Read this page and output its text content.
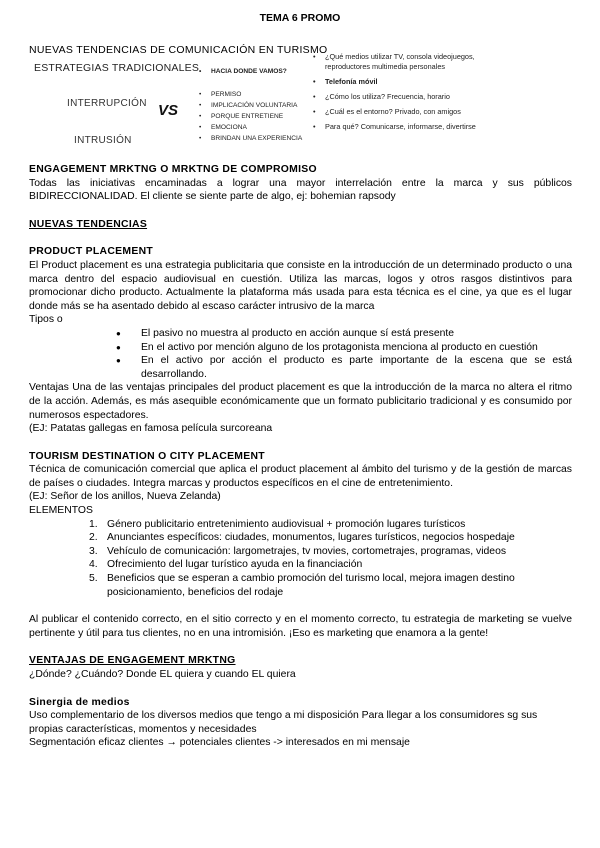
TEMA 6 PROMO
NUEVAS TENDENCIAS DE COMUNICACIÓN EN TURISMO
ESTRATEGIAS TRADICIONALES
INTERRUPCIÓN
INTRUSIÓN
VS
• HACIA DONDE VAMOS?
• PERMISO
• IMPLICACIÓN VOLUNTARIA
• PORQUE ENTRETIENE
• EMOCIONA
• BRINDAN UNA EXPERIENCIA
• ¿Qué medios utilizar TV, consola videojuegos, reproductores multimedia personales
• Telefonía móvil
• ¿Cómo los utiliza? Frecuencia, horario
• ¿Cuál es el entorno? Privado, con amigos
• Para qué? Comunicarse, informarse, divertirse

ENGAGEMENT MRKTNG O MRKTNG DE COMPROMISO

Todas las iniciativas encaminadas a lograr una mayor interrelación entre la marca y sus públicos BIDIRECCIONALIDAD. El cliente se siente parte de algo, ej: bohemian rapsody

NUEVAS TENDENCIAS

PRODUCT PLACEMENT

El Product placement es una estrategia publicitaria que consiste en la introducción de un determinado producto o una marca dentro del espacio audiovisual en cuestión. Utiliza las marcas, logos y otros rasgos distintivos para promocionar dicho producto. Actualmente la plataforma más usada para esta técnica es el cine, ya que es el lugar donde más se ha asentado debido al escaso carácter intrusivo de la marca

Tipos o

● El pasivo no muestra al producto en acción aunque sí está presente
● En el activo por mención alguno de los protagonista menciona al producto en cuestión
● En el activo por acción el producto es parte importante de la escena que se está desarrollando.

Ventajas Una de las ventajas principales del product placement es que la introducción de la marca no altera el ritmo de la acción. Además, es más asequible económicamente que un formato publicitario tradicional y es consumido por numerosos espectadores.

(EJ: Patatas gallegas en famosa película surcoreana

TOURISM DESTINATION O CITY PLACEMENT

Técnica de comunicación comercial que aplica el product placement al ámbito del turismo y de la gestión de marcas de países o ciudades. Integra marcas y productos específicos en el cine de entretenimiento.

(EJ: Señor de los anillos, Nueva Zelanda)

ELEMENTOS

1. Género publicitario entretenimiento audiovisual + promoción lugares turísticos
2. Anunciantes específicos: ciudades, monumentos, lugares turísticos, negocios hospedaje
3. Vehículo de comunicación: largometrajes, tv movies, cortometrajes, programas, videos
4. Ofrecimiento del lugar turístico ayuda en la financiación
5. Beneficios que se esperan a cambio promoción del turismo local, mejora imagen destino posicionamiento, beneficios del rodaje

Al publicar el contenido correcto, en el sitio correcto y en el momento correcto, tu estrategia de marketing se vuelve pertinente y útil para tus clientes, no en una intromisión. ¡Eso es marketing que enamora a la gente!

VENTAJAS DE ENGAGEMENT MRKTNG

¿Dónde? ¿Cuándo? Donde EL quiera y cuando EL quiera

Sinergia de medios

Uso complementario de los diversos medios que tengo a mi disposición Para llegar a los consumidores sg sus propias características, momentos y necesidades

Segmentación eficaz clientes → potenciales clientes -> interesados en mi mensaje
